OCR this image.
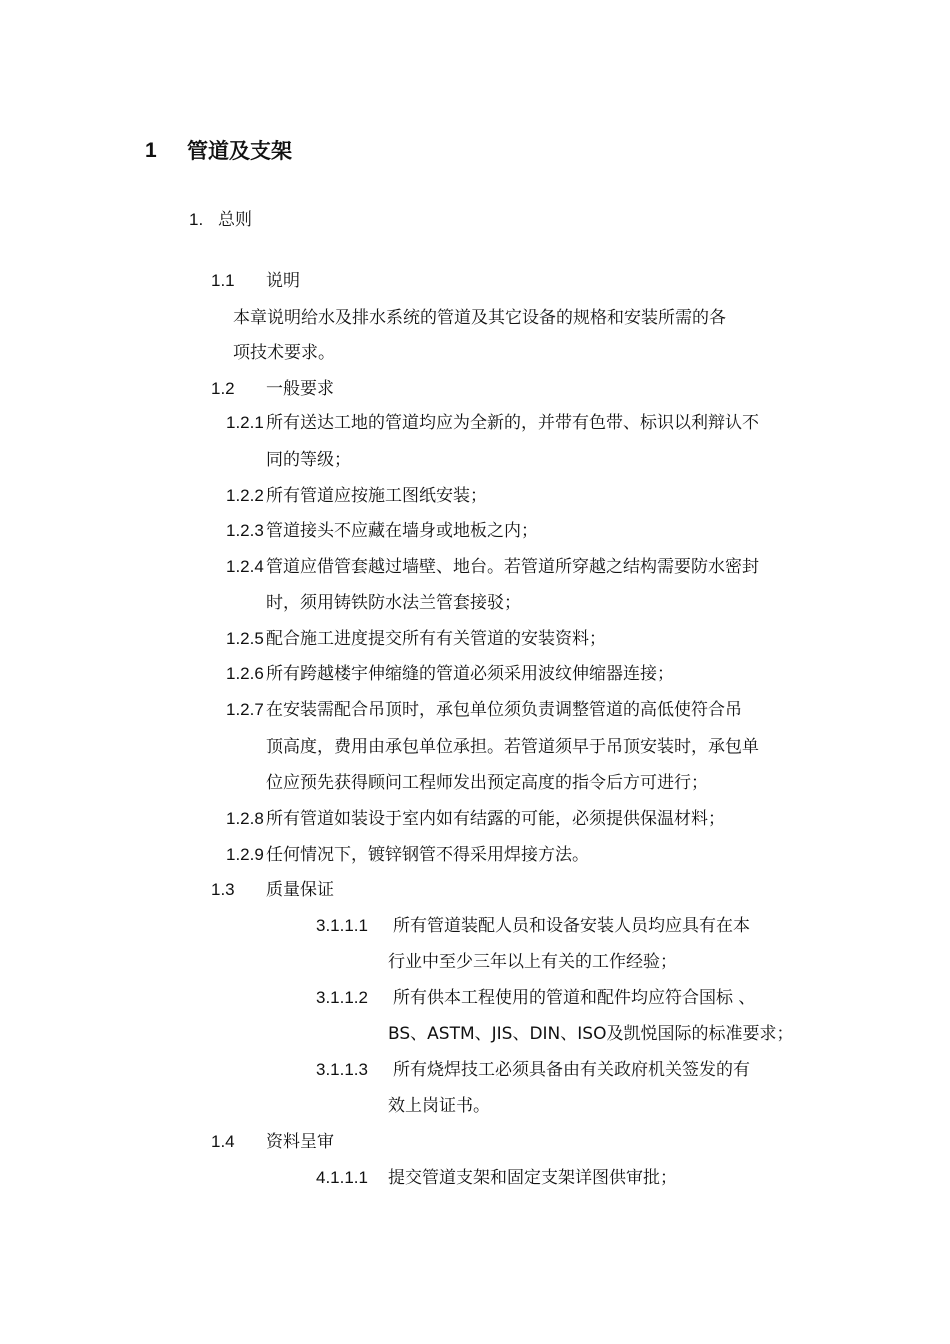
1 管道及支架
1. 总则
1.1 说明
本章说明给水及排水系统的管道及其它设备的规格和安装所需的各
项技术要求。
1.2 一般要求
1.2.1 所有送达工地的管道均应为全新的，并带有色带、标识以利辩认不
同的等级；
1.2.2 所有管道应按施工图纸安装；
1.2.3 管道接头不应藏在墙身或地板之内；
1.2.4 管道应借管套越过墙壁、地台。若管道所穿越之结构需要防水密封
时，须用铸铁防水法兰管套接驳；
1.2.5 配合施工进度提交所有有关管道的安装资料；
1.2.6 所有跨越楼宇伸缩缝的管道必须采用波纹伸缩器连接；
1.2.7 在安装需配合吊顶时，承包单位须负责调整管道的高低使符合吊
顶高度，费用由承包单位承担。若管道须早于吊顶安装时，承包单
位应预先获得顾问工程师发出预定高度的指令后方可进行；
1.2.8 所有管道如装设于室内如有结露的可能，必须提供保温材料；
1.2.9 任何情况下，镀锌钢管不得采用焊接方法。
1.3 质量保证
3.1.1.1 所有管道装配人员和设备安装人员均应具有在本
行业中至少三年以上有关的工作经验；
3.1.1.2 所有供本工程使用的管道和配件均应符合国标 、
BS、ASTM、JIS、DIN、ISO及凯悦国际的标准要求；
3.1.1.3 所有烧焊技工必须具备由有关政府机关签发的有
效上岗证书。
1.4 资料呈审
4.1.1.1 提交管道支架和固定支架详图供审批；
